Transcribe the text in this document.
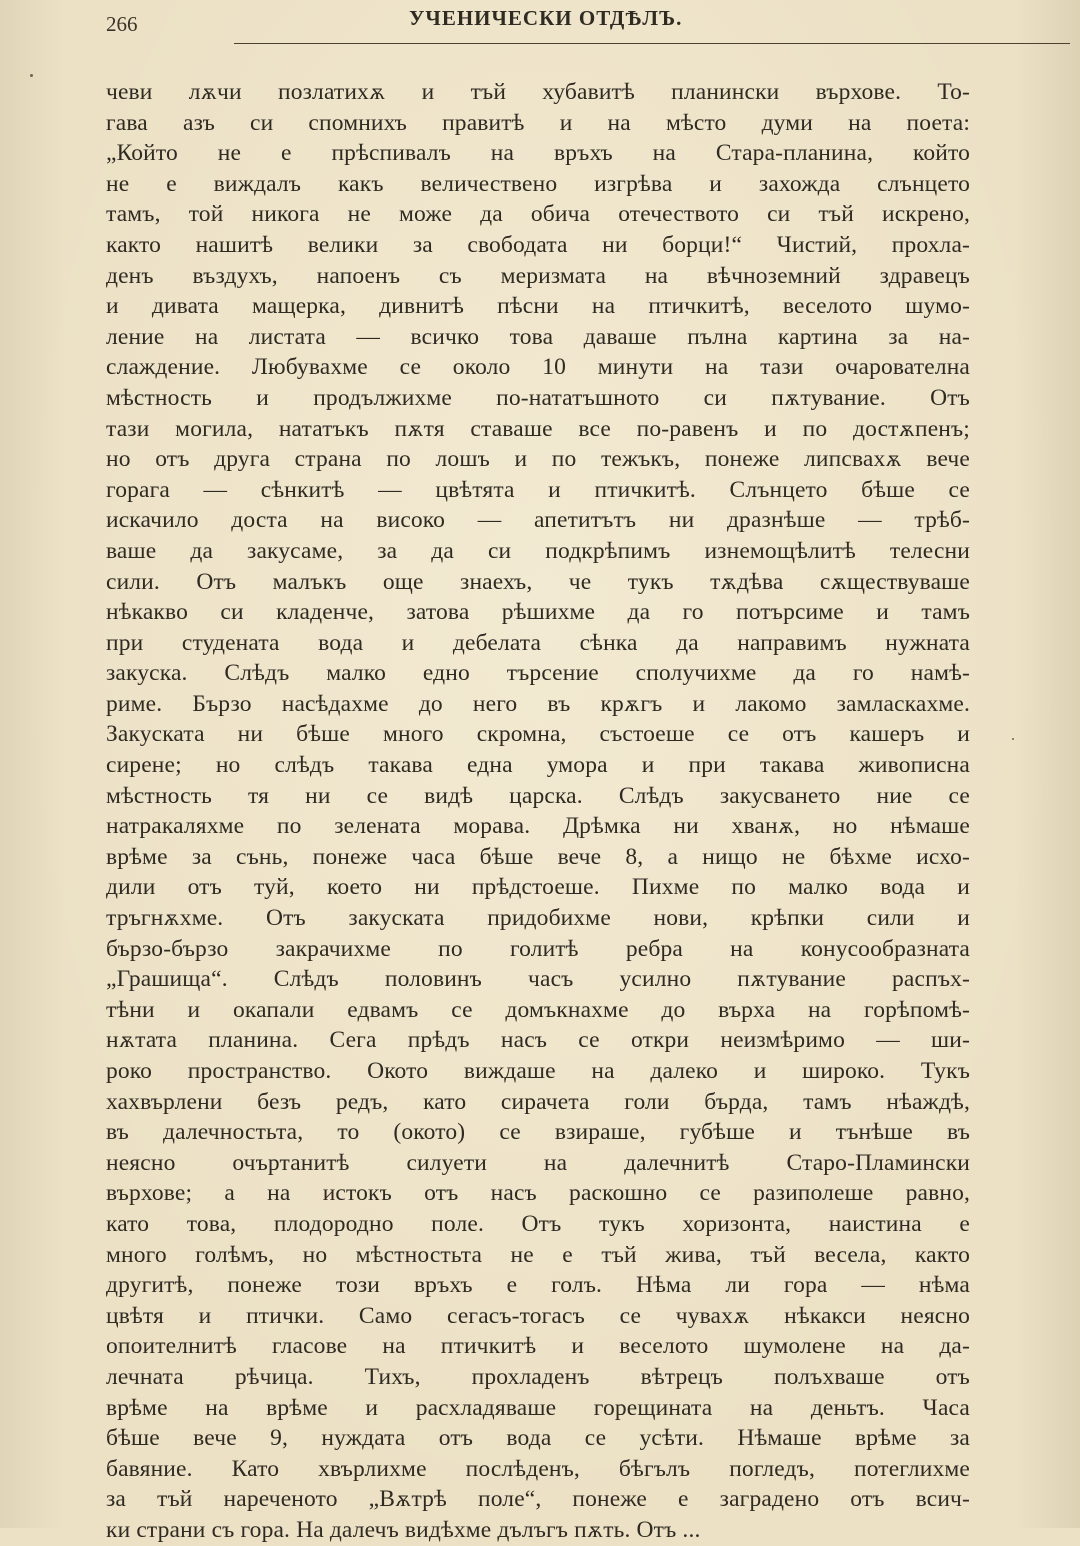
266	УЧЕНИЧЕСКИ ОТДѢЛЪ.
чеви лѫчи позлатихѫ и тъй хубавитѣ планински върхове. То-
гава азъ си спомнихъ правитѣ и на мѣсто думи на поета:
„Който не е прѣспивалъ на връхъ на Стара-планина, който
не е виждалъ какъ величествено изгрѣва и захожда слънцето
тамъ, той никога не може да обича отечеството си тъй искрено,
както нашитѣ велики за свободата ни борци!“ Чистий, прохла-
денъ въздухъ, напоенъ съ меризмата на вѣчноземний здравецъ
и дивата мащерка, дивнитѣ пѣсни на птичкитѣ, веселото шумо-
ление на листата — всичко това даваше пълна картина за на-
слаждение. Любувахме се около 10 минути на тази очарователна
мѣстность и продължихме по-нататъшното си пѫтувание. Отъ
тази могила, нататъкъ пѫтя ставаше все по-равенъ и по достѫпенъ;
но отъ друга страна по лошъ и по тежъкъ, понеже липсвахѫ вече
горага — сѣнкитѣ — цвѣтята и птичкитѣ. Слънцето бѣше се
искачило доста на високо — апетитътъ ни дразнѣше — трѣб-
ваше да закусаме, за да си подкрѣпимъ изнемощѣлитѣ телесни
сили. Отъ малъкъ още знаехъ, че тукъ тѫдѣва сѫществуваше
нѣкакво си кладенче, затова рѣшихме да го потърсиме и тамъ
при студената вода и дебелата сѣнка да направимъ нужната
закуска. Слѣдъ малко едно търсение сполучихме да го намѣ-
риме. Бързо насѣдахме до него въ крѫгъ и лакомо замласкахме.
Закуската ни бѣше много скромна, състоеше се отъ кашеръ и
сирене; но слѣдъ такава една умора и при такава живописна
мѣстность тя ни се видѣ царска. Слѣдъ закусването ние се
натракаляхме по зелената морава. Дрѣмка ни хванѫ, но нѣмаше
врѣме за сънь, понеже часа бѣше вече 8, а нищо не бѣхме исхо-
дили отъ туй, което ни прѣдстоеше. Пихме по малко вода и
тръгнѫхме. Отъ закуската придобихме нови, крѣпки сили и
бързо-бързо закрачихме по голитѣ ребра на конусообразната
„Грашища“. Слѣдъ половинъ часъ усилно пѫтувание распъх-
тѣни и окапали едвамъ се домъкнахме до върха на горѣпомѣ-
нѫтата планина. Сега прѣдъ насъ се откри неизмѣримо — ши-
роко пространство. Окото виждаше на далеко и широко. Тукъ
хахвърлени безъ редъ, като сирачета голи бърда, тамъ нѣаждѣ,
въ далечностьта, то (окото) се взираше, губѣше и тънѣше въ
неясно очъртанитѣ силуети на далечнитѣ Старо-Пламински
върхове; а на истокъ отъ насъ раскошно се разиполеше равно,
като това, плодородно поле. Отъ тукъ хоризонта, наистина е
много голѣмъ, но мѣстностьта не е тъй жива, тъй весела, както
другитѣ, понеже този връхъ е голъ. Нѣма ли гора — нѣма
цвѣтя и птички. Само сегасъ-тогасъ се чувахѫ нѣкакси неясно
опоителнитѣ гласове на птичкитѣ и веселото шумолене на да-
лечната рѣчица. Тихъ, прохладенъ вѣтрецъ полъхваше отъ
врѣме на врѣме и расхладяваше горещината на деньтъ. Часа
бѣше вече 9, нуждата отъ вода се усѣти. Нѣмаше врѣме за
бавяние. Като хвърлихме послѣденъ, бѣгълъ погледъ, потеглихме
за тъй нареченото „Вѫтрѣ поле“, понеже е заградено отъ всич-
ки страни съ гора. На далечъ видѣхме дълъгъ пѫть. Отъ ...
